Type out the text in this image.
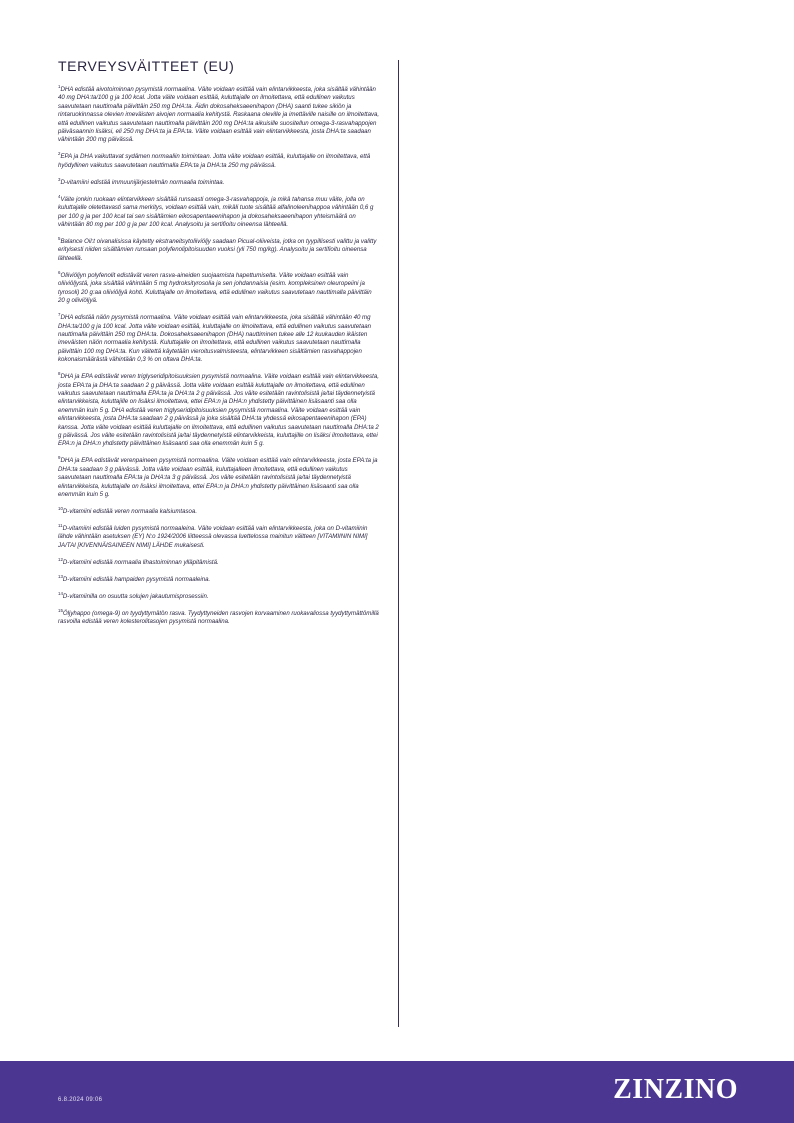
TERVEYSVÄITTEET (EU)

$^1$DHA edistää aivotoiminnan pysymistä normaalina. Väite voidaan esittää vain elintarvikkeesta, joka sisältää vähintään 40 mg DHA:ta/100 g ja 100 kcal. Jotta väite voidaan esittää, kuluttajalle on ilmoitettava, että edullinen vaikutus saavutetaan nauttimalla päivittäin 250 mg DHA:ta. Äidin dokosaheksaeenihapon (DHA) saanti tukee sikiön ja rintaruokinnassa olevien imeväisten aivojen normaalia kehitystä. Raskaana oleville ja imettäville naisille on ilmoitettava, että edullinen vaikutus saavutetaan nauttimalla päivittäin 200 mg DHA:ta aikuisille suositellun omega-3-rasvahappojen päiväsaannin lisäksi, eli 250 mg DHA:ta ja EPA:ta. Väite voidaan esittää vain elintarvikkeesta, josta DHA:ta saadaan vähintään 200 mg päivässä.

$^2$EPA ja DHA vaikuttavat sydämen normaaliin toimintaan. Jotta väite voidaan esittää, kuluttajalle on ilmoitettava, että hyödyllinen vaikutus saavutetaan nauttimalla EPA:ta ja DHA:ta 250 mg päivässä.

$^3$D-vitamiini edistää immuunijärjestelmän normaalia toimintaa.

$^4$Väite jonkin ruokaan elintarvikkeen sisältää runsaasti omega-3-rasvahappoja, ja mikä tahansa muu väite, jolla on kuluttajalle oletettavasti sama merkitys, voidaan esittää vain, mikäli tuote sisältää alfalinoleenihappoa vähintään 0,6 g per 100 g ja per 100 kcal tai sen sisältämien eikosapentaeenihapon ja dokosaheksaeenihapon yhteismäärä on vähintään 80 mg per 100 g ja per 100 kcal. Analysoitu ja sertifioitu oineensa lähteellä.

$^5$Balance Oil:t oivanalisissa käytetty ekstraneitsytoliiviöljy saadaan Picual-oliiveista, jotka on tyypillisesti valittu ja valitty erityisesti niiden sisältämien runsaan polyfenolipitoisuuden vuoksi (yli 750 mg/kg). Analysoitu ja sertifioitu oineensa lähteellä.

$^6$Oliiviöljyn polyfenolit edistävät veren rasva-aineiden suojaamista hapettumiselta. Väite voidaan esittää vain oliiviöljystä, joka sisältää vähintään 5 mg hydroksityrosolia ja sen johdannaisia (esim. kompleksinen oleuropeiini ja tyrosoli) 20 g:aa oliiviöljyä kohti. Kuluttajalle on ilmoitettava, että edullinen vaikutus saavutetaan nauttimalla päivittäin 20 g oliiviöljyä.

$^7$DHA edistää näön pysymistä normaalina. Väite voidaan esittää vain elintarvikkeesta, joka sisältää vähintään 40 mg DHA:ta/100 g ja 100 kcal. Jotta väite voidaan esittää, kuluttajalle on ilmoitettava, että edullinen vaikutus saavutetaan nauttimalla päivittäin 250 mg DHA:ta. Dokosaheksaeenihapon (DHA) nauttiminen tukee alle 12 kuukauden ikäisten imeväisten näön normaalia kehitystä. Kuluttajalle on ilmoitettava, että edullinen vaikutus saavutetaan nauttimalla päivittäin 100 mg DHA:ta. Kun väitettä käytetään vieroitusvalmisteesta, elintarvikkeen sisältämien rasvahappojen kokonaismäärästä vähintään 0,3 % on oltava DHA:ta.

$^8$DHA ja EPA edistävät veren triglyseridipitoisuuksien pysymistä normaalina. Väite voidaan esittää vain elintarvikkeesta, josta EPA:ta ja DHA:ta saadaan 2 g päivässä. Jotta väite voidaan esittää kuluttajalle on ilmoitettava, että edullinen vaikutus saavutetaan nauttimalla EPA:ta ja DHA:ta 2 g päivässä. Jos väite esitetään ravintolisistä ja/tai täydennetyistä elintarvikkeista, kuluttajille on lisäksi ilmoitettava, ettei EPA:n ja DHA:n yhdistetty päivittäinen lisäsaanti saa olla enemmän kuin 5 g. DHA edistää veren triglyseridipitoisuuksien pysymistä normaalina. Väite voidaan esittää vain elintarvikkeesta, josta DHA:ta saadaan 2 g päivässä ja joka sisältää DHA:ta yhdessä eikosapentaeenihapon (EPA) kanssa. Jotta väite voidaan esittää kuluttajalle on ilmoitettava, että edullinen vaikutus saavutetaan nauttimalla DHA:ta 2 g päivässä. Jos väite esitetään ravintolisistä ja/tai täydennetyistä elintarvikkeista, kuluttajille on lisäksi ilmoitettava, ettei EPA:n ja DHA:n yhdistetty päivittäinen lisäsaanti saa olla enemmän kuin 5 g.

$^9$DHA ja EPA edistävät verenpaineen pysymistä normaalina. Väite voidaan esittää vain elintarvikkeesta, josta EPA:ta ja DHA:ta saadaan 3 g päivässä. Jotta väite voidaan esittää, kuluttajalleen ilmoitettava, että edullinen vaikutus saavutetaan nauttimalla EPA:ta ja DHA:ta 3 g päivässä. Jos väite esitetään ravintolisistä ja/tai täydennetyistä elintarvikkeista, kuluttajalle on lisäksi ilmoitettava, ettei EPA:n ja DHA:n yhdistetty päivittäinen lisäsaanti saa olla enemmän kuin 5 g.

$^{10}$D-vitamiini edistää veren normaalia kalsiumtasoa.

$^{11}$D-vitamiini edistää luiden pysymistä normaaleina. Väite voidaan esittää vain elintarvikkeesta, joka on D-vitamiinin lähde vähintään asetuksen (EY) N:o 1924/2006 liitteessä olevassa luettelossa mainitun väitteen [VITAMIININ NIMI] JA/TAI [KIVENNÄISAINEEN NIMI] LÄHDE mukaisesti.

$^{12}$D-vitamiini edistää normaalia lihastoiminnan ylläpitämistä.

$^{13}$D-vitamiini edistää hampaiden pysymistä normaaleina.

$^{14}$D-vitamiinilla on osuutta solujen jakautumisprosessiin.

$^{15}$Öljyhappo (omega-9) on tyydyttymätön rasva. Tyydyttyneiden rasvojen korvaaminen ruokavaliossa tyydyttymättömillä rasvoilla edistää veren kolesterolitasojen pysymistä normaalina.

6.8.2024 09:06	ZINZINO
